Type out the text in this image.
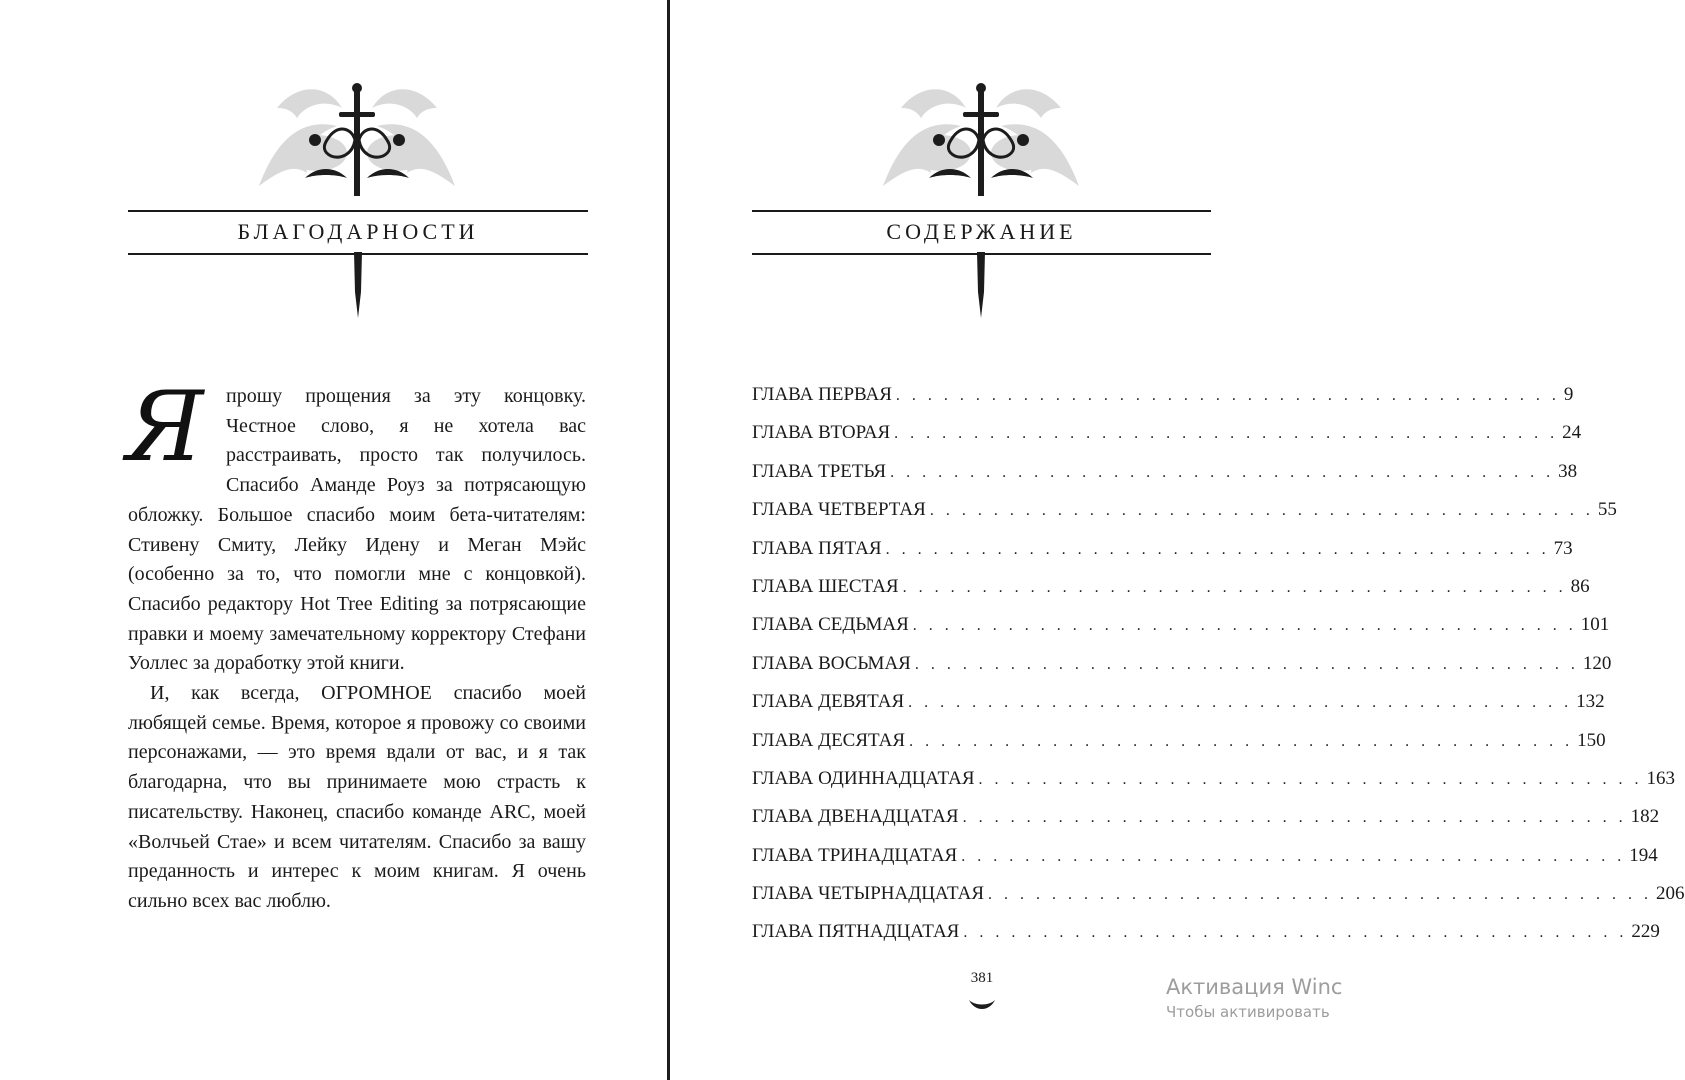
БЛАГОДАРНОСТИ
Я	прошу прощения за эту концовку. Честное слово, я не хотела вас расстраивать, просто так получилось. Спасибо Аманде Роуз за потрясающую обложку. Большое спасибо моим бета-читателям: Стивену Смиту, Лейку Идену и Меган Мэйс (особенно за то, что помогли мне с концовкой). Спасибо редактору Hot Tree Editing за потрясающие правки и моему замечательному корректору Стефани Уоллес за доработку этой книги.

И, как всегда, ОГРОМНОЕ спасибо моей любящей семье. Время, которое я провожу со своими персонажами, — это время вдали от вас, и я так благодарна, что вы принимаете мою страсть к писательству. Наконец, спасибо команде ARC, моей «Волчьей Стае» и всем читателям. Спасибо за вашу преданность и интерес к моим книгам. Я очень сильно всех вас люблю.

СОДЕРЖАНИЕ
ГЛАВА ПЕРВАЯ . . . . . . . . . . . . . . . . . . . . . . . . . . . . . . . . . . . . . . . . . . 9
ГЛАВА ВТОРАЯ . . . . . . . . . . . . . . . . . . . . . . . . . . . . . . . . . . . . . . . . . . 24
ГЛАВА ТРЕТЬЯ . . . . . . . . . . . . . . . . . . . . . . . . . . . . . . . . . . . . . . . . . . 38
ГЛАВА ЧЕТВЕРТАЯ . . . . . . . . . . . . . . . . . . . . . . . . . . . . . . . . . . . . . . . . . . 55
ГЛАВА ПЯТАЯ . . . . . . . . . . . . . . . . . . . . . . . . . . . . . . . . . . . . . . . . . . 73
ГЛАВА ШЕСТАЯ . . . . . . . . . . . . . . . . . . . . . . . . . . . . . . . . . . . . . . . . . . 86
ГЛАВА СЕДЬМАЯ . . . . . . . . . . . . . . . . . . . . . . . . . . . . . . . . . . . . . . . . . . 101
ГЛАВА ВОСЬМАЯ . . . . . . . . . . . . . . . . . . . . . . . . . . . . . . . . . . . . . . . . . . 120
ГЛАВА ДЕВЯТАЯ . . . . . . . . . . . . . . . . . . . . . . . . . . . . . . . . . . . . . . . . . . 132
ГЛАВА ДЕСЯТАЯ . . . . . . . . . . . . . . . . . . . . . . . . . . . . . . . . . . . . . . . . . . 150
ГЛАВА ОДИННАДЦАТАЯ . . . . . . . . . . . . . . . . . . . . . . . . . . . . . . . . . . . . . . . . . . 163
ГЛАВА ДВЕНАДЦАТАЯ . . . . . . . . . . . . . . . . . . . . . . . . . . . . . . . . . . . . . . . . . . 182
ГЛАВА ТРИНАДЦАТАЯ . . . . . . . . . . . . . . . . . . . . . . . . . . . . . . . . . . . . . . . . . . 194
ГЛАВА ЧЕТЫРНАДЦАТАЯ . . . . . . . . . . . . . . . . . . . . . . . . . . . . . . . . . . . . . . . . . . 206
ГЛАВА ПЯТНАДЦАТАЯ . . . . . . . . . . . . . . . . . . . . . . . . . . . . . . . . . . . . . . . . . . 229
381	Активация Winc
Чтобы активировать
